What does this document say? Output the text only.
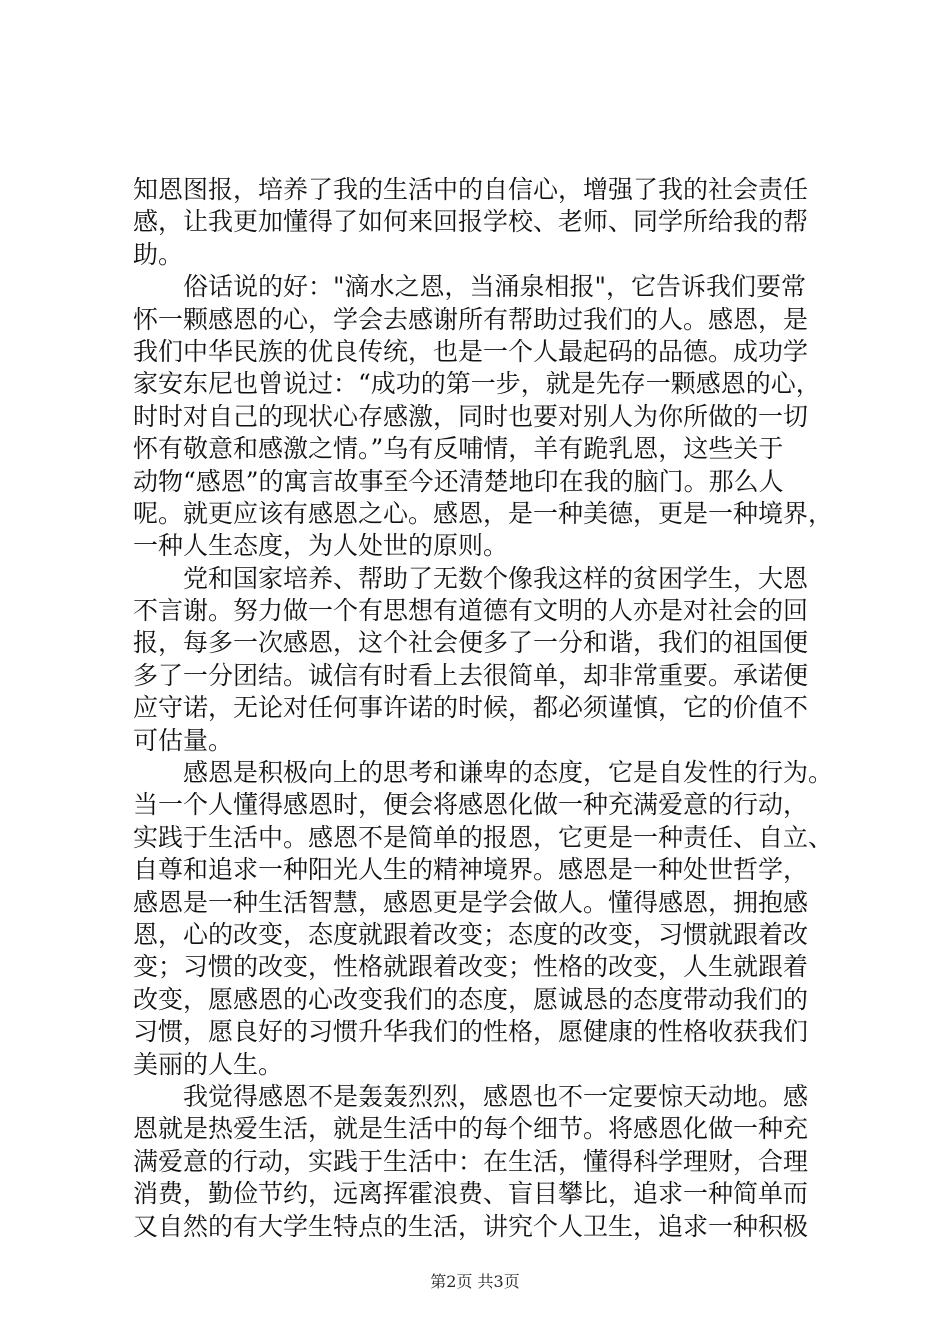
知恩图报，培养了我的生活中的自信心，增强了我的社会责任
感，让我更加懂得了如何来回报学校、老师、同学所给我的帮
助。
俗话说的好："滴水之恩，当涌泉相报"，它告诉我们要常
怀一颗感恩的心，学会去感谢所有帮助过我们的人。感恩，是
我们中华民族的优良传统，也是一个人最起码的品德。成功学
家安东尼也曾说过：“成功的第一步，就是先存一颗感恩的心，
时时对自己的现状心存感激，同时也要对别人为你所做的一切
怀有敬意和感激之情。”乌有反哺情，羊有跪乳恩，这些关于
动物“感恩”的寓言故事至今还清楚地印在我的脑门。那么人
呢。就更应该有感恩之心。感恩，是一种美德，更是一种境界，
一种人生态度，为人处世的原则。
党和国家培养、帮助了无数个像我这样的贫困学生，大恩
不言谢。努力做一个有思想有道德有文明的人亦是对社会的回
报，每多一次感恩，这个社会便多了一分和谐，我们的祖国便
多了一分团结。诚信有时看上去很简单，却非常重要。承诺便
应守诺，无论对任何事许诺的时候，都必须谨慎，它的价值不
可估量。
感恩是积极向上的思考和谦卑的态度，它是自发性的行为。
当一个人懂得感恩时，便会将感恩化做一种充满爱意的行动，
实践于生活中。感恩不是简单的报恩，它更是一种责任、自立、
自尊和追求一种阳光人生的精神境界。感恩是一种处世哲学，
感恩是一种生活智慧，感恩更是学会做人。懂得感恩，拥抱感
恩，心的改变，态度就跟着改变；态度的改变，习惯就跟着改
变；习惯的改变，性格就跟着改变；性格的改变，人生就跟着
改变，愿感恩的心改变我们的态度，愿诚恳的态度带动我们的
习惯，愿良好的习惯升华我们的性格，愿健康的性格收获我们
美丽的人生。
我觉得感恩不是轰轰烈烈，感恩也不一定要惊天动地。感
恩就是热爱生活，就是生活中的每个细节。将感恩化做一种充
满爱意的行动，实践于生活中：在生活，懂得科学理财，合理
消费，勤俭节约，远离挥霍浪费、盲目攀比，追求一种简单而
又自然的有大学生特点的生活，讲究个人卫生，追求一种积极
第2页 共3页
